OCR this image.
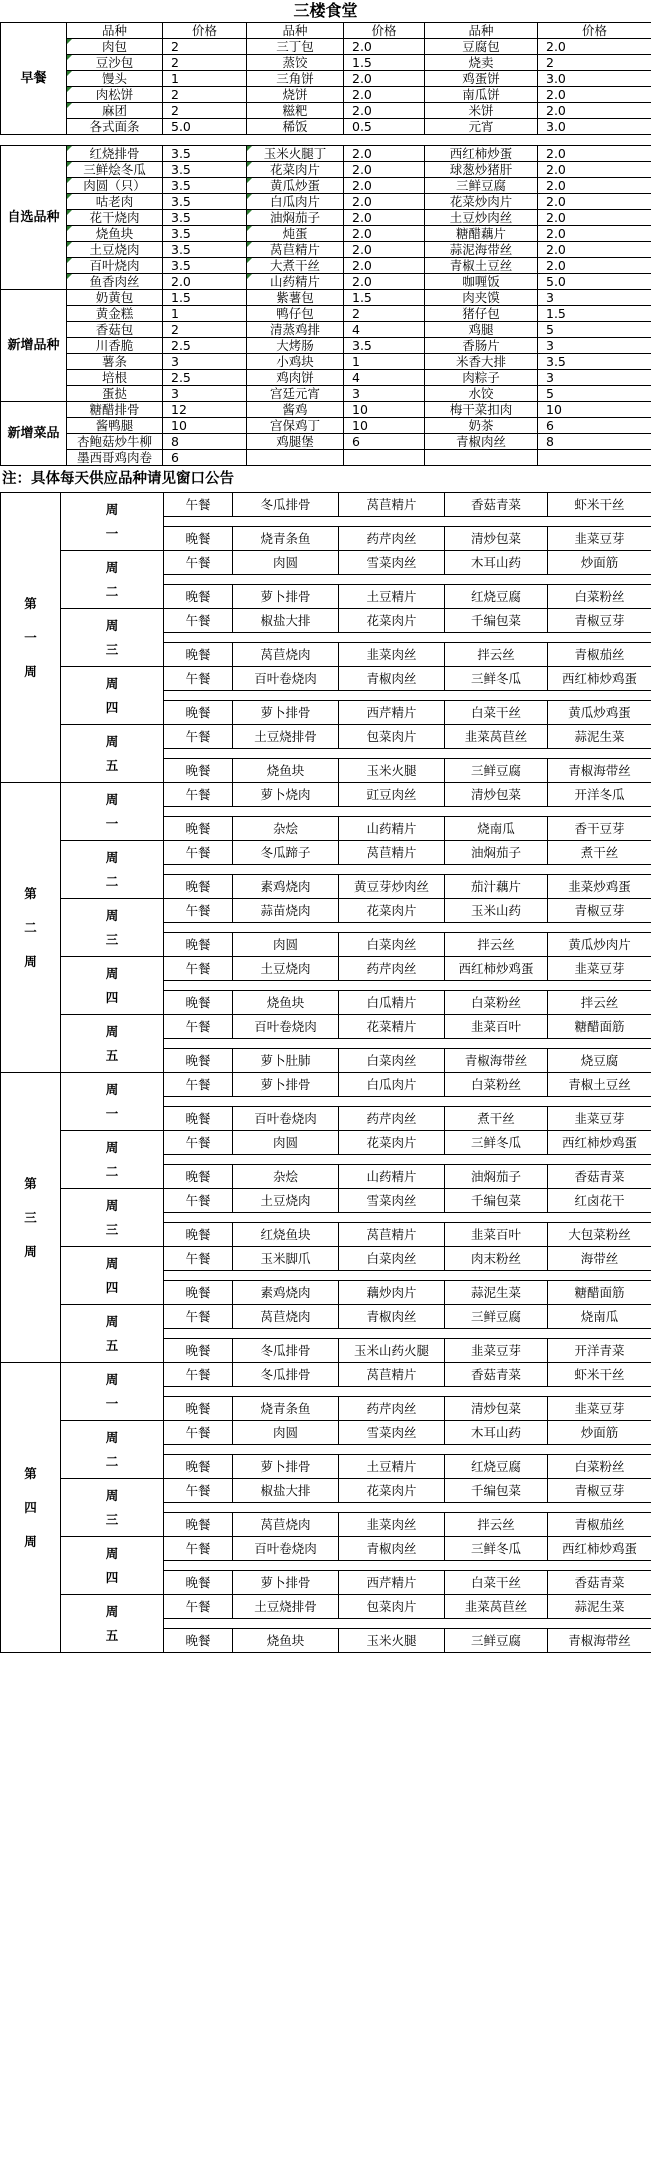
三楼食堂
早餐	品种	价格	品种	价格	品种	价格
	肉包	2	三丁包	2.0	豆腐包	2.0
	豆沙包	2	蒸饺	1.5	烧卖	2
	馒头	1	三角饼	2.0	鸡蛋饼	3.0
	肉松饼	2	烧饼	2.0	南瓜饼	2.0
	麻团	2	糍粑	2.0	米饼	2.0
	各式面条	5.0	稀饭	0.5	元宵	3.0
自选品种	红烧排骨	3.5	玉米火腿丁	2.0	西红柿炒蛋	2.0
	三鲜烩冬瓜	3.5	花菜肉片	2.0	球葱炒猪肝	2.0
	肉圆（只）	3.5	黄瓜炒蛋	2.0	三鲜豆腐	2.0
	咕老肉	3.5	白瓜肉片	2.0	花菜炒肉片	2.0
	花干烧肉	3.5	油焖茄子	2.0	土豆炒肉丝	2.0
	烧鱼块	3.5	炖蛋	2.0	糖醋藕片	2.0
	土豆烧肉	3.5	莴苣精片	2.0	蒜泥海带丝	2.0
	百叶烧肉	3.5	大煮干丝	2.0	青椒土豆丝	2.0
	鱼香肉丝	2.0	山药精片	2.0	咖喱饭	5.0
新增品种	奶黄包	1.5	紫薯包	1.5	肉夹馍	3
	黄金糕	1	鸭仔包	2	猪仔包	1.5
	香菇包	2	清蒸鸡排	4	鸡腿	5
	川香脆	2.5	大烤肠	3.5	香肠片	3
	薯条	3	小鸡块	1	米香大排	3.5
	培根	2.5	鸡肉饼	4	肉粽子	3
	蛋挞	3	宫廷元宵	3	水饺	5
新增菜品	糖醋排骨	12	酱鸡	10	梅干菜扣肉	10
	酱鸭腿	10	宫保鸡丁	10	奶茶	6
	杏鲍菇炒牛柳	8	鸡腿堡	6	青椒肉丝	8
	墨西哥鸡肉卷	6				
注：具体每天供应品种请见窗口公告
第
一
周	周
一	午餐	冬瓜排骨	莴苣精片	香菇青菜	虾米干丝

		晚餐	烧青条鱼	药芹肉丝	清炒包菜	韭菜豆芽

	周
二	午餐	肉圆	雪菜肉丝	木耳山药	炒面筋

		晚餐	萝卜排骨	土豆精片	红烧豆腐	白菜粉丝

	周
三	午餐	椒盐大排	花菜肉片	千编包菜	青椒豆芽

		晚餐	莴苣烧肉	韭菜肉丝	拌云丝	青椒茄丝

	周
四	午餐	百叶卷烧肉	青椒肉丝	三鲜冬瓜	西红柿炒鸡蛋

		晚餐	萝卜排骨	西芹精片	白菜干丝	黄瓜炒鸡蛋

	周
五	午餐	土豆烧排骨	包菜肉片	韭菜莴苣丝	蒜泥生菜

		晚餐	烧鱼块	玉米火腿	三鲜豆腐	青椒海带丝

第
二
周	周
一	午餐	萝卜烧肉	豇豆肉丝	清炒包菜	开洋冬瓜

		晚餐	杂烩	山药精片	烧南瓜	香干豆芽

	周
二	午餐	冬瓜蹄子	莴苣精片	油焖茄子	煮干丝

		晚餐	素鸡烧肉	黄豆芽炒肉丝	茄汁藕片	韭菜炒鸡蛋

	周
三	午餐	蒜苗烧肉	花菜肉片	玉米山药	青椒豆芽

		晚餐	肉圆	白菜肉丝	拌云丝	黄瓜炒肉片

	周
四	午餐	土豆烧肉	药芹肉丝	西红柿炒鸡蛋	韭菜豆芽

		晚餐	烧鱼块	白瓜精片	白菜粉丝	拌云丝

	周
五	午餐	百叶卷烧肉	花菜精片	韭菜百叶	糖醋面筋

		晚餐	萝卜肚肺	白菜肉丝	青椒海带丝	烧豆腐

第
三
周	周
一	午餐	萝卜排骨	白瓜肉片	白菜粉丝	青椒土豆丝

		晚餐	百叶卷烧肉	药芹肉丝	煮干丝	韭菜豆芽

	周
二	午餐	肉圆	花菜肉片	三鲜冬瓜	西红柿炒鸡蛋

		晚餐	杂烩	山药精片	油焖茄子	香菇青菜

	周
三	午餐	土豆烧肉	雪菜肉丝	千编包菜	红卤花干

		晚餐	红烧鱼块	莴苣精片	韭菜百叶	大包菜粉丝

	周
四	午餐	玉米脚爪	白菜肉丝	肉末粉丝	海带丝

		晚餐	素鸡烧肉	藕炒肉片	蒜泥生菜	糖醋面筋

	周
五	午餐	莴苣烧肉	青椒肉丝	三鲜豆腐	烧南瓜

		晚餐	冬瓜排骨	玉米山药火腿	韭菜豆芽	开洋青菜

第
四
周	周
一	午餐	冬瓜排骨	莴苣精片	香菇青菜	虾米干丝

		晚餐	烧青条鱼	药芹肉丝	清炒包菜	韭菜豆芽

	周
二	午餐	肉圆	雪菜肉丝	木耳山药	炒面筋

		晚餐	萝卜排骨	土豆精片	红烧豆腐	白菜粉丝

	周
三	午餐	椒盐大排	花菜肉片	千编包菜	青椒豆芽

		晚餐	莴苣烧肉	韭菜肉丝	拌云丝	青椒茄丝

	周
四	午餐	百叶卷烧肉	青椒肉丝	三鲜冬瓜	西红柿炒鸡蛋

		晚餐	萝卜排骨	西芹精片	白菜干丝	香菇青菜

	周
五	午餐	土豆烧排骨	包菜肉片	韭菜莴苣丝	蒜泥生菜

		晚餐	烧鱼块	玉米火腿	三鲜豆腐	青椒海带丝
